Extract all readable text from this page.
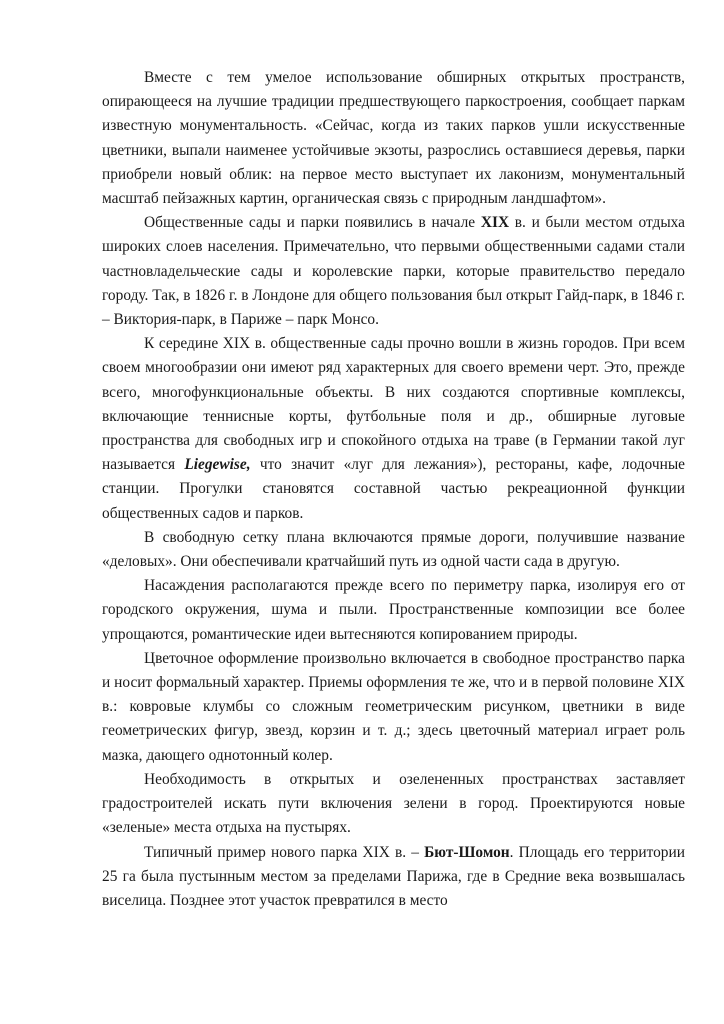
Вместе с тем умелое использование обширных открытых пространств, опирающееся на лучшие традиции предшествующего паркостроения, сообщает паркам известную монументальность. «Сейчас, когда из таких парков ушли искусственные цветники, выпали наименее устойчивые экзоты, разрослись оставшиеся деревья, парки приобрели новый облик: на первое место выступает их лаконизм, монументальный масштаб пейзажных картин, органическая связь с природным ландшафтом».

Общественные сады и парки появились в начале XIX в. и были местом отдыха широких слоев населения. Примечательно, что первыми общественными садами стали частновладельческие сады и королевские парки, которые правительство передало городу. Так, в 1826 г. в Лондоне для общего пользования был открыт Гайд-парк, в 1846 г. – Виктория-парк, в Париже – парк Монсо.

К середине XIX в. общественные сады прочно вошли в жизнь городов. При всем своем многообразии они имеют ряд характерных для своего времени черт. Это, прежде всего, многофункциональные объекты. В них создаются спортивные комплексы, включающие теннисные корты, футбольные поля и др., обширные луговые пространства для свободных игр и спокойного отдыха на траве (в Германии такой луг называется Liegewise, что значит «луг для лежания»), рестораны, кафе, лодочные станции. Прогулки становятся составной частью рекреационной функции общественных садов и парков.

В свободную сетку плана включаются прямые дороги, получившие название «деловых». Они обеспечивали кратчайший путь из одной части сада в другую.

Насаждения располагаются прежде всего по периметру парка, изолируя его от городского окружения, шума и пыли. Пространственные композиции все более упрощаются, романтические идеи вытесняются копированием природы.

Цветочное оформление произвольно включается в свободное пространство парка и носит формальный характер. Приемы оформления те же, что и в первой половине XIX в.: ковровые клумбы со сложным геометрическим рисунком, цветники в виде геометрических фигур, звезд, корзин и т. д.; здесь цветочный материал играет роль мазка, дающего однотонный колер.

Необходимость в открытых и озелененных пространствах заставляет градостроителей искать пути включения зелени в город. Проектируются новые «зеленые» места отдыха на пустырях.

Типичный пример нового парка XIX в. – Бют-Шомон. Площадь его территории 25 га была пустынным местом за пределами Парижа, где в Средние века возвышалась виселица. Позднее этот участок превратился в место
